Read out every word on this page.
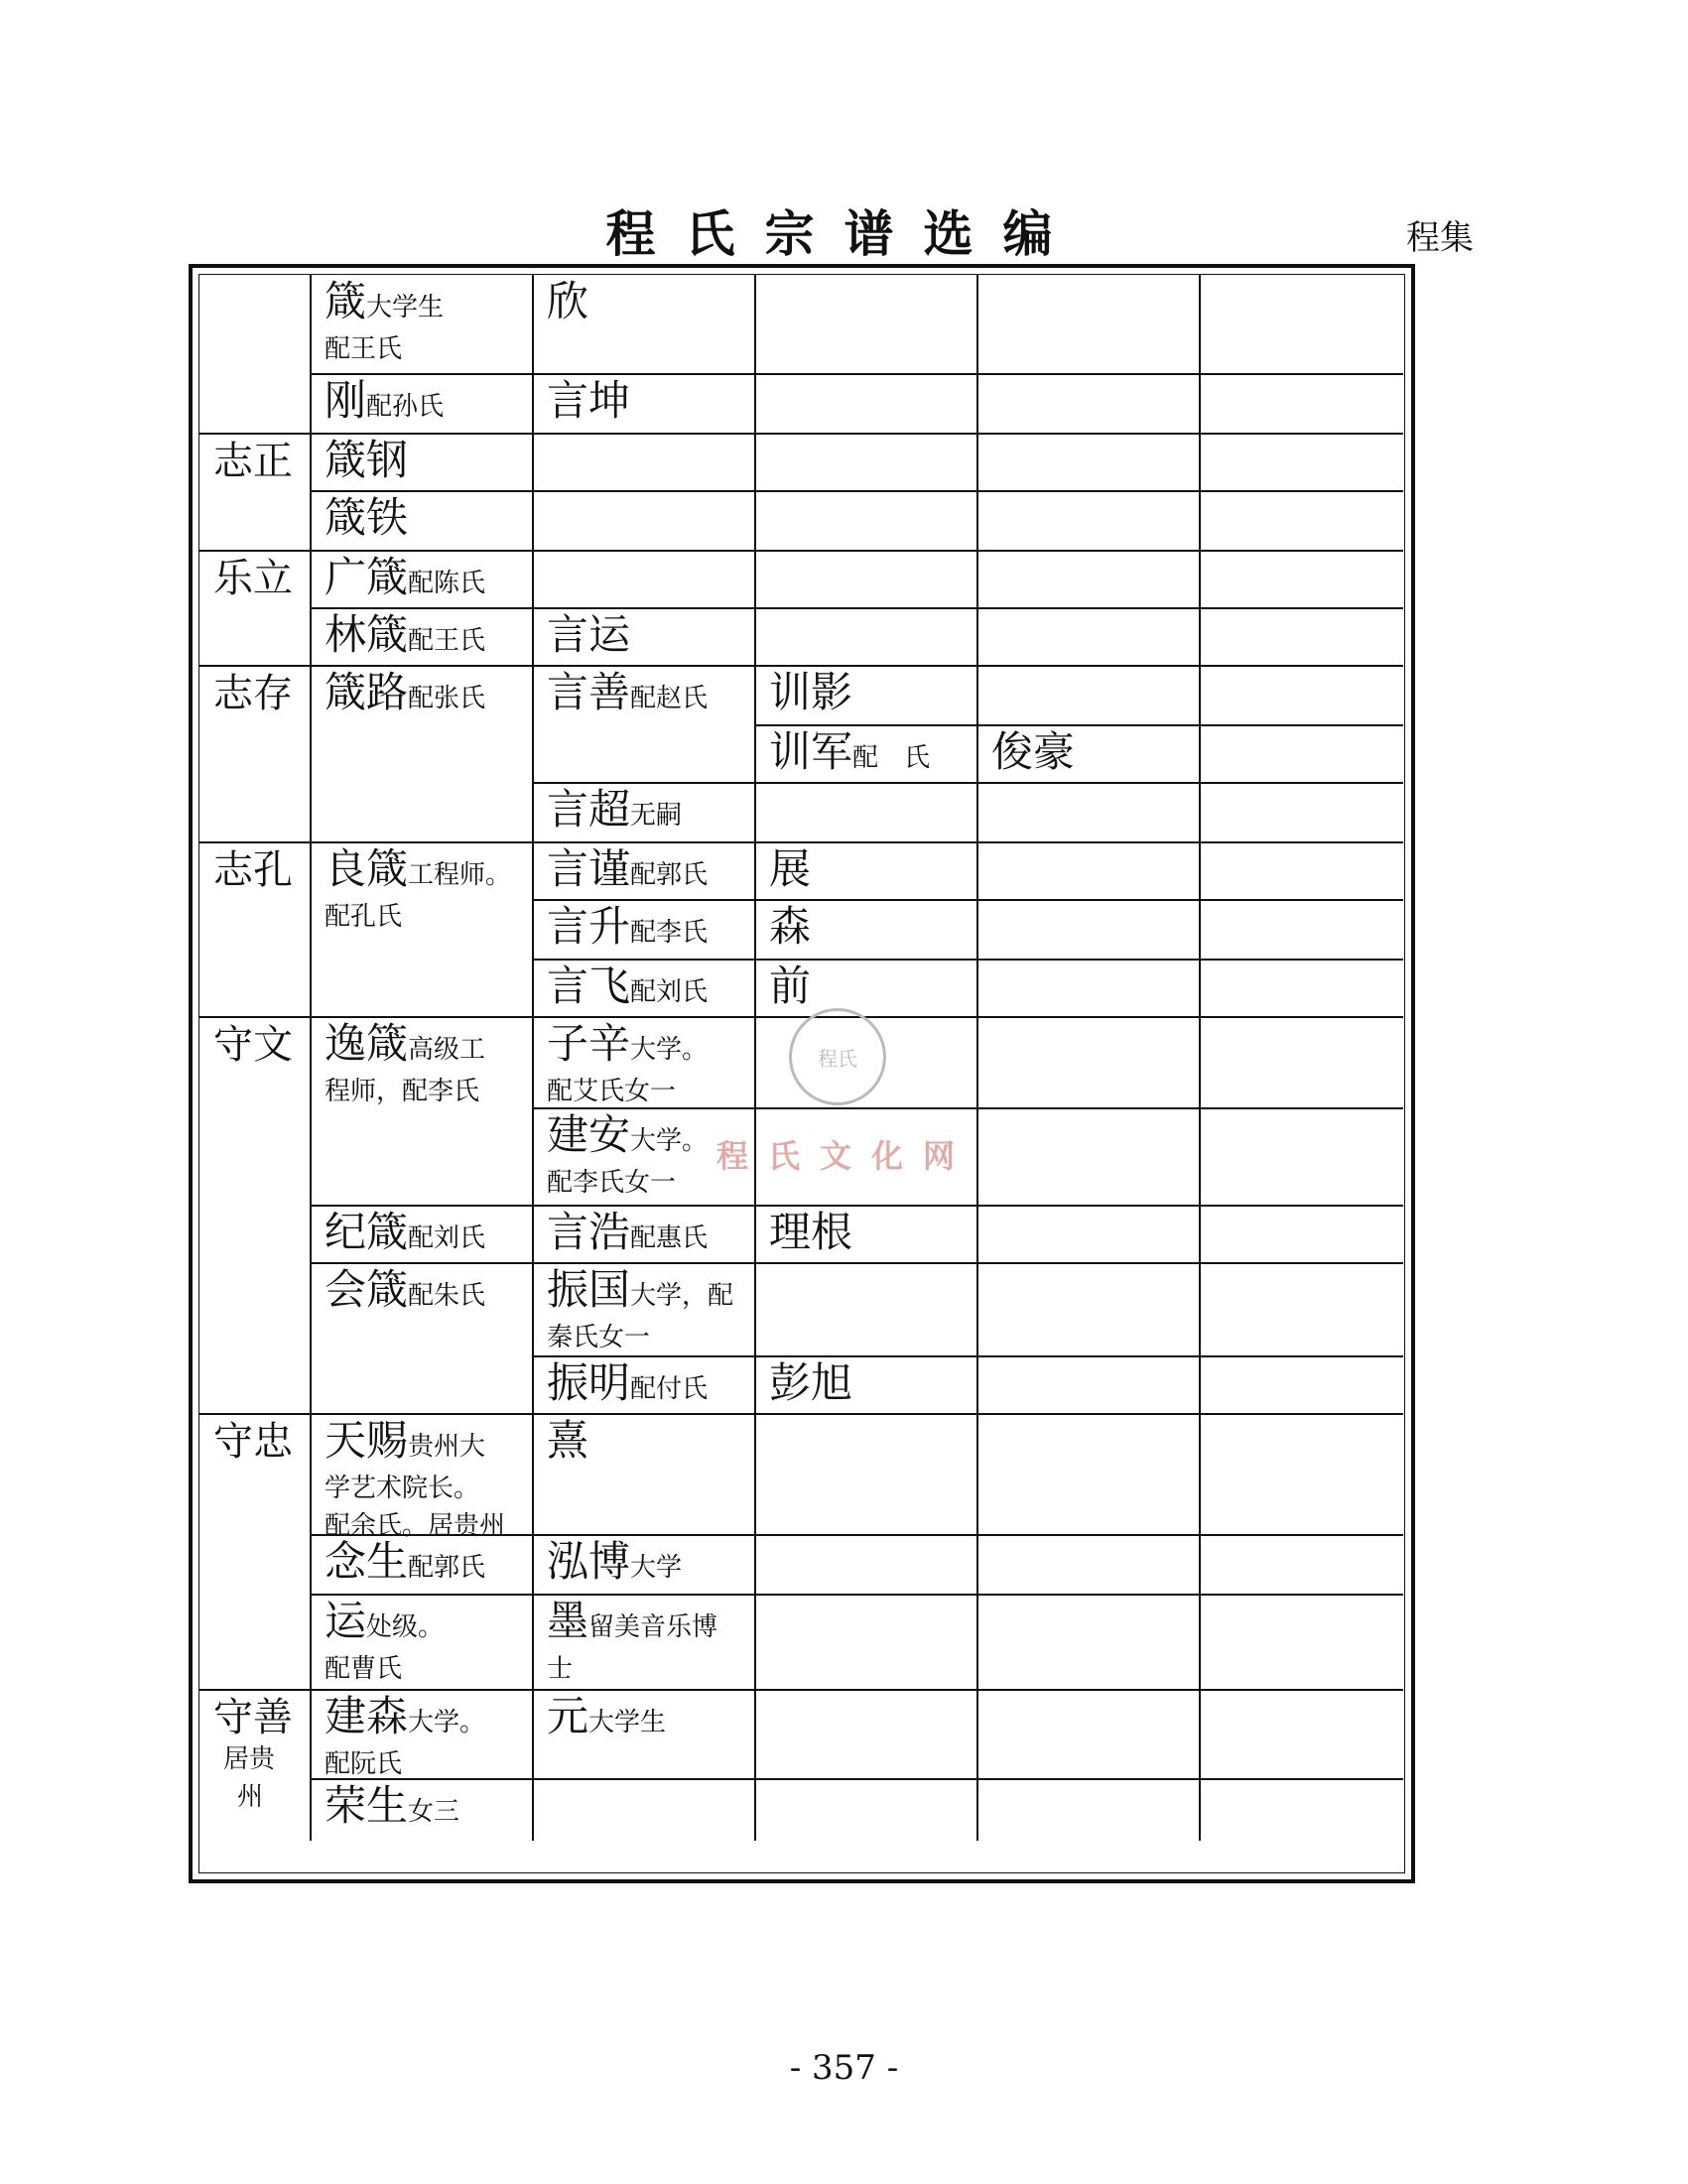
程氏宗谱选编	程集
箴大学生
配王氏
欣
刚配孙氏 言坤
志正 箴钢
箴铁
乐立 广箴配陈氏
林箴配王氏 言运
志存 箴路配张氏 言善配赵氏 训影
训军配　氏 俊豪
言超无嗣
志孔 良箴工程师。
配孔氏
言谨配郭氏 展
言升配李氏 森
言飞配刘氏 前
守文 逸箴高级工
程师，配李氏
子辛大学。
配艾氏女一
建安大学。
配李氏女一
纪箴配刘氏 言浩配惠氏 理根
会箴配朱氏 振国大学，配
秦氏女一
振明配付氏 彭旭
守忠 天赐贵州大
学艺术院长。
配余氏。居贵州
熹
念生配郭氏 泓博大学
运处级。
配曹氏
墨留美音乐博
士
守善
居贵
州
建森大学。
配阮氏
元大学生
荣生女三
程氏
程氏文化网
- 357 -
